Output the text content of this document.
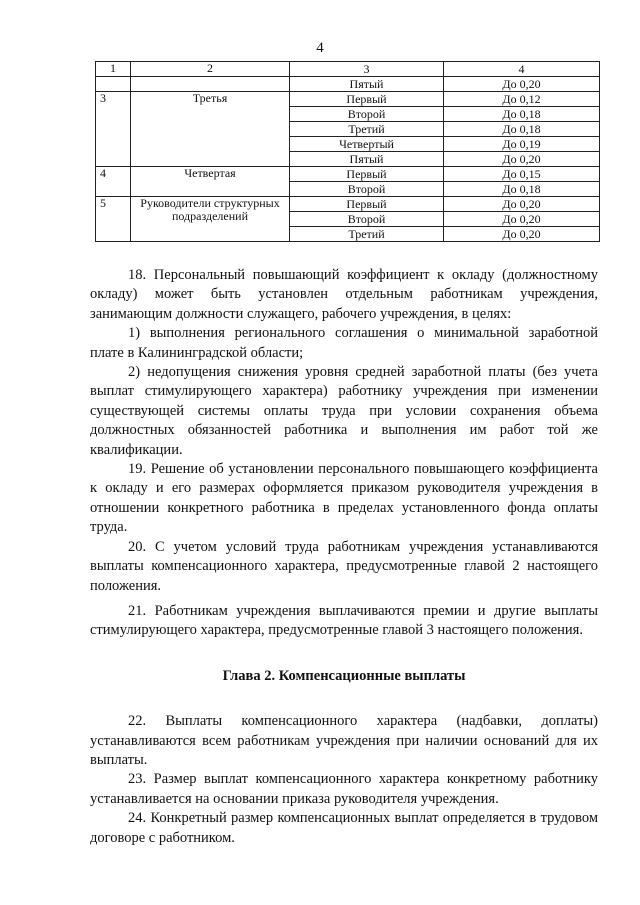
4
1	2	3	4
		Пятый	До 0,20
3	Третья	Первый	До 0,12
		Второй	До 0,18
		Третий	До 0,18
		Четвертый	До 0,19
		Пятый	До 0,20
4	Четвертая	Первый	До 0,15
		Второй	До 0,18
5	Руководители структурных подразделений	Первый	До 0,20
		Второй	До 0,20
		Третий	До 0,20

18. Персональный повышающий коэффициент к окладу (должностному окладу) может быть установлен отдельным работникам учреждения, занимающим должности служащего, рабочего учреждения, в целях:

1) выполнения регионального соглашения о минимальной заработной плате в Калининградской области;

2) недопущения снижения уровня средней заработной платы (без учета выплат стимулирующего характера) работнику учреждения при изменении существующей системы оплаты труда при условии сохранения объема должностных обязанностей работника и выполнения им работ той же квалификации.

19. Решение об установлении персонального повышающего коэффициента к окладу и его размерах оформляется приказом руководителя учреждения в отношении конкретного работника в пределах установленного фонда оплаты труда.

20. С учетом условий труда работникам учреждения устанавливаются выплаты компенсационного характера, предусмотренные главой 2 настоящего положения.

21. Работникам учреждения выплачиваются премии и другие выплаты стимулирующего характера, предусмотренные главой 3 настоящего положения.

Глава 2. Компенсационные выплаты

22. Выплаты компенсационного характера (надбавки, доплаты) устанавливаются всем работникам учреждения при наличии оснований для их выплаты.

23. Размер выплат компенсационного характера конкретному работнику устанавливается на основании приказа руководителя учреждения.

24. Конкретный размер компенсационных выплат определяется в трудовом договоре с работником.
